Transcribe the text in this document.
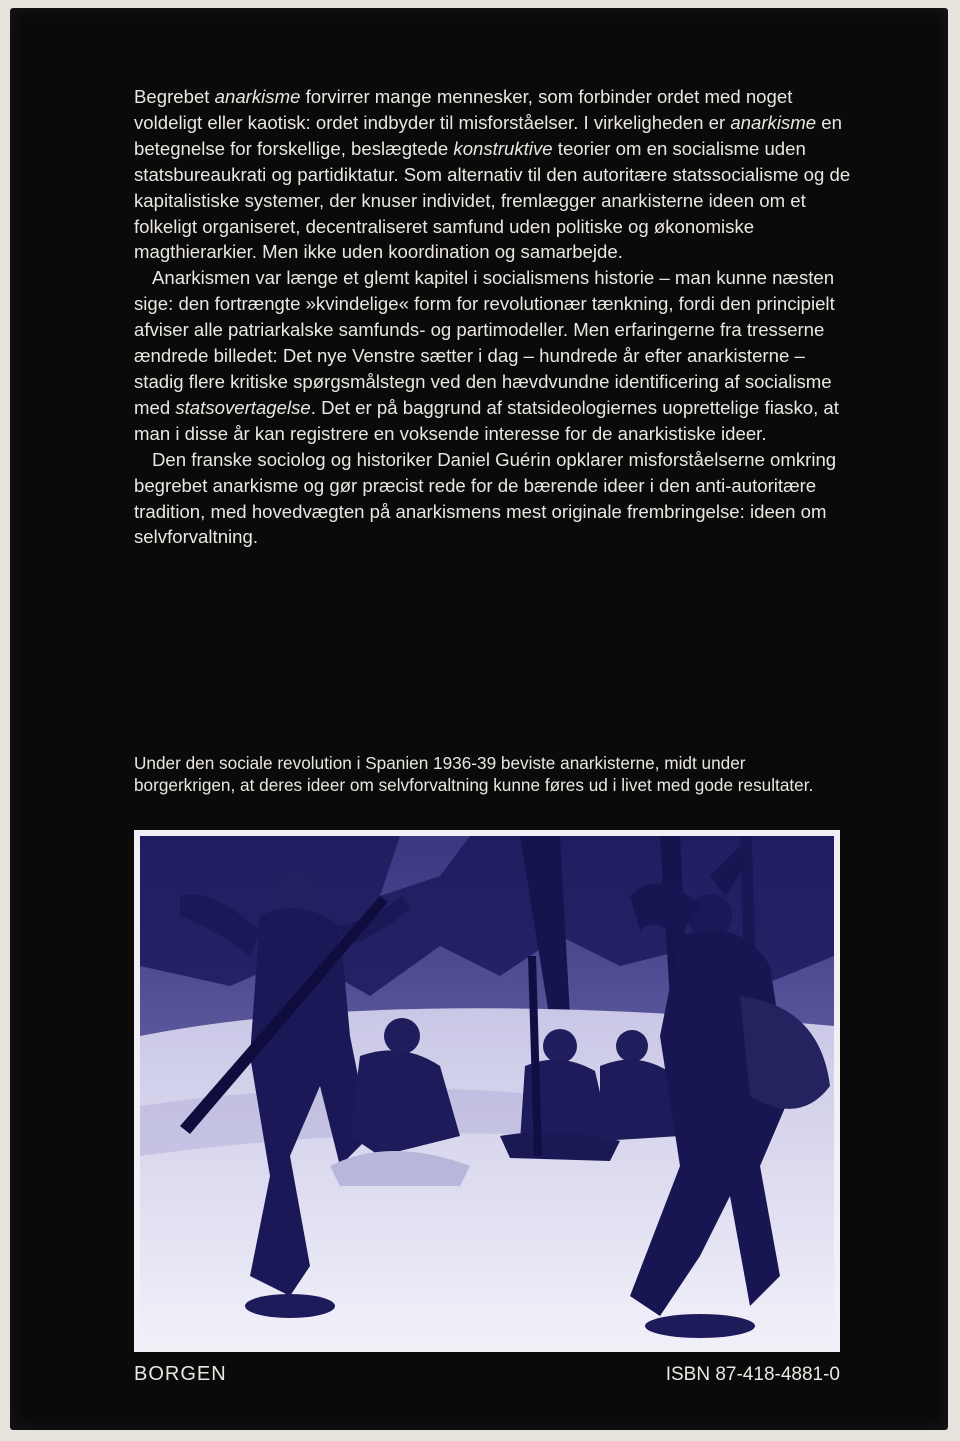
Begrebet anarkisme forvirrer mange mennesker, som forbinder ordet med noget voldeligt eller kaotisk: ordet indbyder til misforståelser. I virkeligheden er anarkisme en betegnelse for forskellige, beslægtede konstruktive teorier om en socialisme uden statsbureaukrati og partidiktatur. Som alternativ til den autoritære statssocialisme og de kapitalistiske systemer, der knuser individet, fremlægger anarkisterne ideen om et folkeligt organiseret, decentraliseret samfund uden politiske og økonomiske magthierarkier. Men ikke uden koordination og samarbejde.

Anarkismen var længe et glemt kapitel i socialismens historie – man kunne næsten sige: den fortrængte »kvindelige« form for revolutionær tænkning, fordi den principielt afviser alle patriarkalske samfunds- og partimodeller. Men erfaringerne fra tresserne ændrede billedet: Det nye Venstre sætter i dag – hundrede år efter anarkisterne – stadig flere kritiske spørgsmålstegn ved den hævdvundne identificering af socialisme med statsovertagelse. Det er på baggrund af statsideologiernes uoprettelige fiasko, at man i disse år kan registrere en voksende interesse for de anarkistiske ideer.

Den franske sociolog og historiker Daniel Guérin opklarer misforståelserne omkring begrebet anarkisme og gør præcist rede for de bærende ideer i den anti-autoritære tradition, med hovedvægten på anarkismens mest originale frembringelse: ideen om selvforvaltning.

Under den sociale revolution i Spanien 1936-39 beviste anarkisterne, midt under borgerkrigen, at deres ideer om selvforvaltning kunne føres ud i livet med gode resultater.

BORGEN	ISBN 87-418-4881-0
